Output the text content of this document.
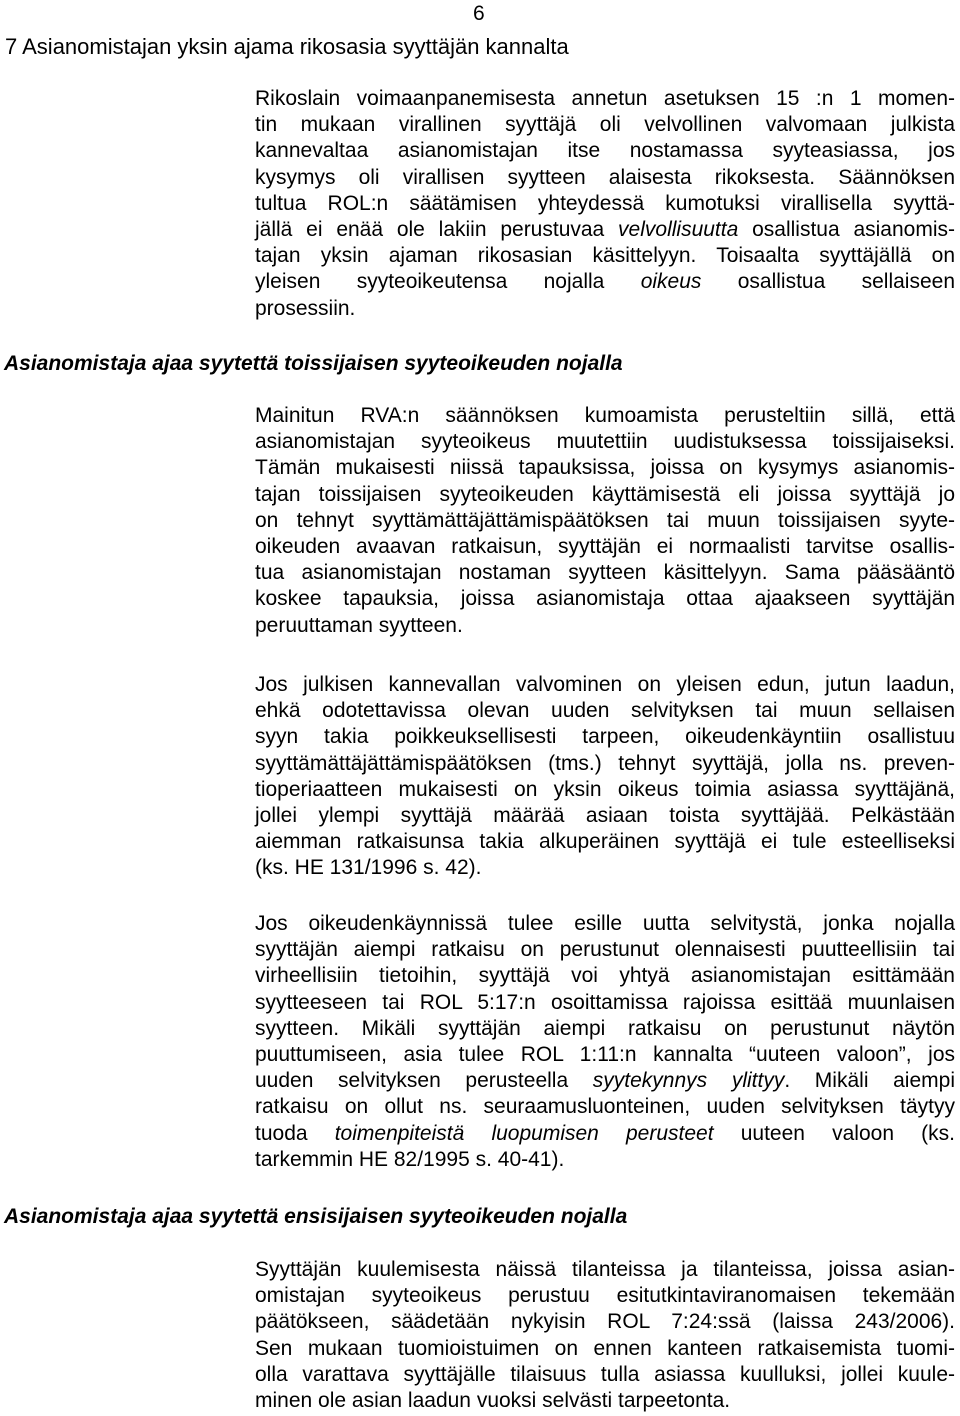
6
7 Asianomistajan yksin ajama rikosasia syyttäjän kannalta
Rikoslain voimaanpanemisesta annetun asetuksen 15 :n 1 momen-
tin mukaan virallinen syyttäjä oli velvollinen valvomaan julkista
kannevaltaa asianomistajan itse nostamassa syyteasiassa, jos
kysymys oli virallisen syytteen alaisesta rikoksesta. Säännöksen
tultua ROL:n säätämisen yhteydessä kumotuksi virallisella syyttä-
jällä ei enää ole lakiin perustuvaa velvollisuutta osallistua asianomis-
tajan yksin ajaman rikosasian käsittelyyn. Toisaalta syyttäjällä on
yleisen syyteoikeutensa nojalla oikeus osallistua sellaiseen
prosessiin.
Asianomistaja ajaa syytettä toissijaisen syyteoikeuden nojalla
Mainitun RVA:n säännöksen kumoamista perusteltiin sillä, että
asianomistajan syyteoikeus muutettiin uudistuksessa toissijaiseksi.
Tämän mukaisesti niissä tapauksissa, joissa on kysymys asianomis-
tajan toissijaisen syyteoikeuden käyttämisestä eli joissa syyttäjä jo
on tehnyt syyttämättäjättämispäätöksen tai muun toissijaisen syyte-
oikeuden avaavan ratkaisun, syyttäjän ei normaalisti tarvitse osallis-
tua asianomistajan nostaman syytteen käsittelyyn. Sama pääsääntö
koskee tapauksia, joissa asianomistaja ottaa ajaakseen syyttäjän
peruuttaman syytteen.
Jos julkisen kannevallan valvominen on yleisen edun, jutun laadun,
ehkä odotettavissa olevan uuden selvityksen tai muun sellaisen
syyn takia poikkeuksellisesti tarpeen, oikeudenkäyntiin osallistuu
syyttämättäjättämispäätöksen (tms.) tehnyt syyttäjä, jolla ns. preven-
tioperiaatteen mukaisesti on yksin oikeus toimia asiassa syyttäjänä,
jollei ylempi syyttäjä määrää asiaan toista syyttäjää. Pelkästään
aiemman ratkaisunsa takia alkuperäinen syyttäjä ei tule esteelliseksi
(ks. HE 131/1996 s. 42).
Jos oikeudenkäynnissä tulee esille uutta selvitystä, jonka nojalla
syyttäjän aiempi ratkaisu on perustunut olennaisesti puutteellisiin tai
virheellisiin tietoihin, syyttäjä voi yhtyä asianomistajan esittämään
syytteeseen tai ROL 5:17:n osoittamissa rajoissa esittää muunlaisen
syytteen. Mikäli syyttäjän aiempi ratkaisu on perustunut näytön
puuttumiseen, asia tulee ROL 1:11:n kannalta “uuteen valoon”, jos
uuden selvityksen perusteella syytekynnys ylittyy. Mikäli aiempi
ratkaisu on ollut ns. seuraamusluonteinen, uuden selvityksen täytyy
tuoda toimenpiteistä luopumisen perusteet uuteen valoon (ks.
tarkemmin HE 82/1995 s. 40-41).
Asianomistaja ajaa syytettä ensisijaisen syyteoikeuden nojalla
Syyttäjän kuulemisesta näissä tilanteissa ja tilanteissa, joissa asian-
omistajan syyteoikeus perustuu esitutkintaviranomaisen tekemään
päätökseen, säädetään nykyisin ROL 7:24:ssä (laissa 243/2006).
Sen mukaan tuomioistuimen on ennen kanteen ratkaisemista tuomi-
olla varattava syyttäjälle tilaisuus tulla asiassa kuulluksi, jollei kuule-
minen ole asian laadun vuoksi selvästi tarpeetonta.
